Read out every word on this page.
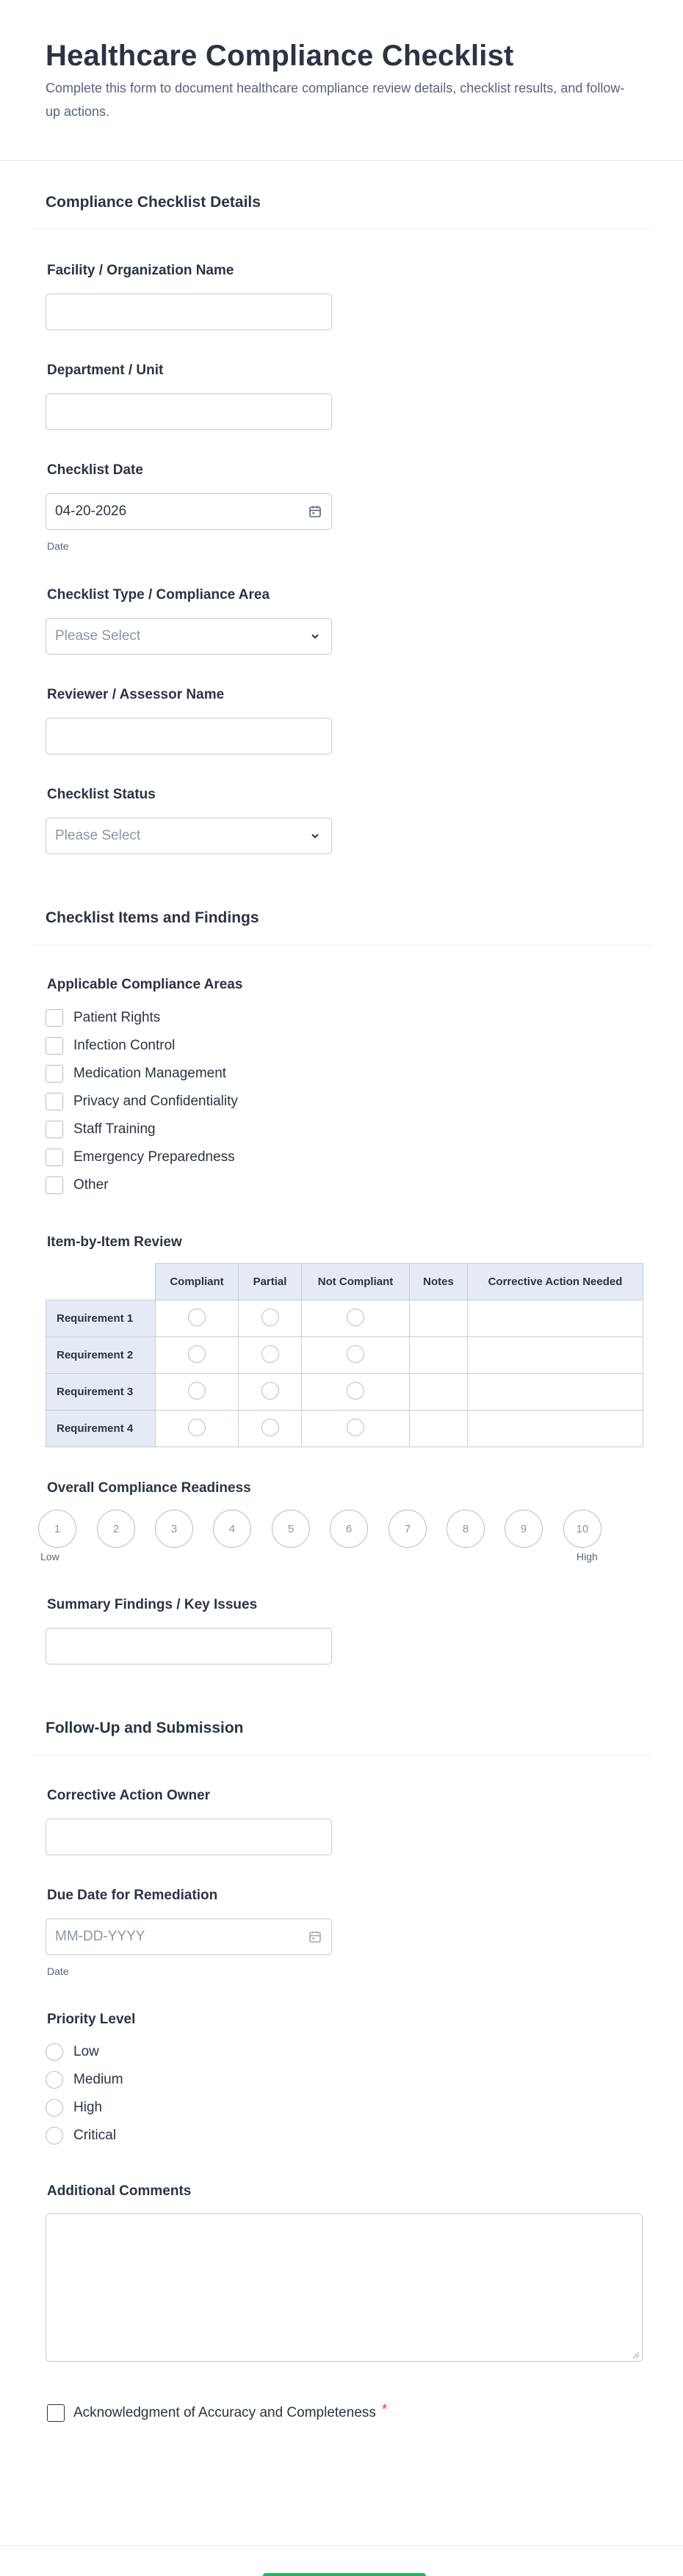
Healthcare Compliance Checklist

Complete this form to document healthcare compliance review details, checklist results, and follow-up actions.

Compliance Checklist Details
Facility / Organization Name
Department / Unit
Checklist Date
04-20-2026
Date
Checklist Type / Compliance Area
Please Select
Reviewer / Assessor Name
Checklist Status
Please Select
Checklist Items and Findings
Applicable Compliance Areas
Patient Rights
Infection Control
Medication Management
Privacy and Confidentiality
Staff Training
Emergency Preparedness
Other
Item-by-Item Review
	Compliant	Partial	Not Compliant	Notes	Corrective Action Needed
Requirement 1					
Requirement 2					
Requirement 3					
Requirement 4					
Overall Compliance Readiness
1	2	3	4	5	6	7	8	9	10
Low	High
Summary Findings / Key Issues
Follow-Up and Submission
Corrective Action Owner
Due Date for Remediation
MM-DD-YYYY
Date
Priority Level
Low
Medium
High
Critical
Additional Comments
Acknowledgment of Accuracy and Completeness *
